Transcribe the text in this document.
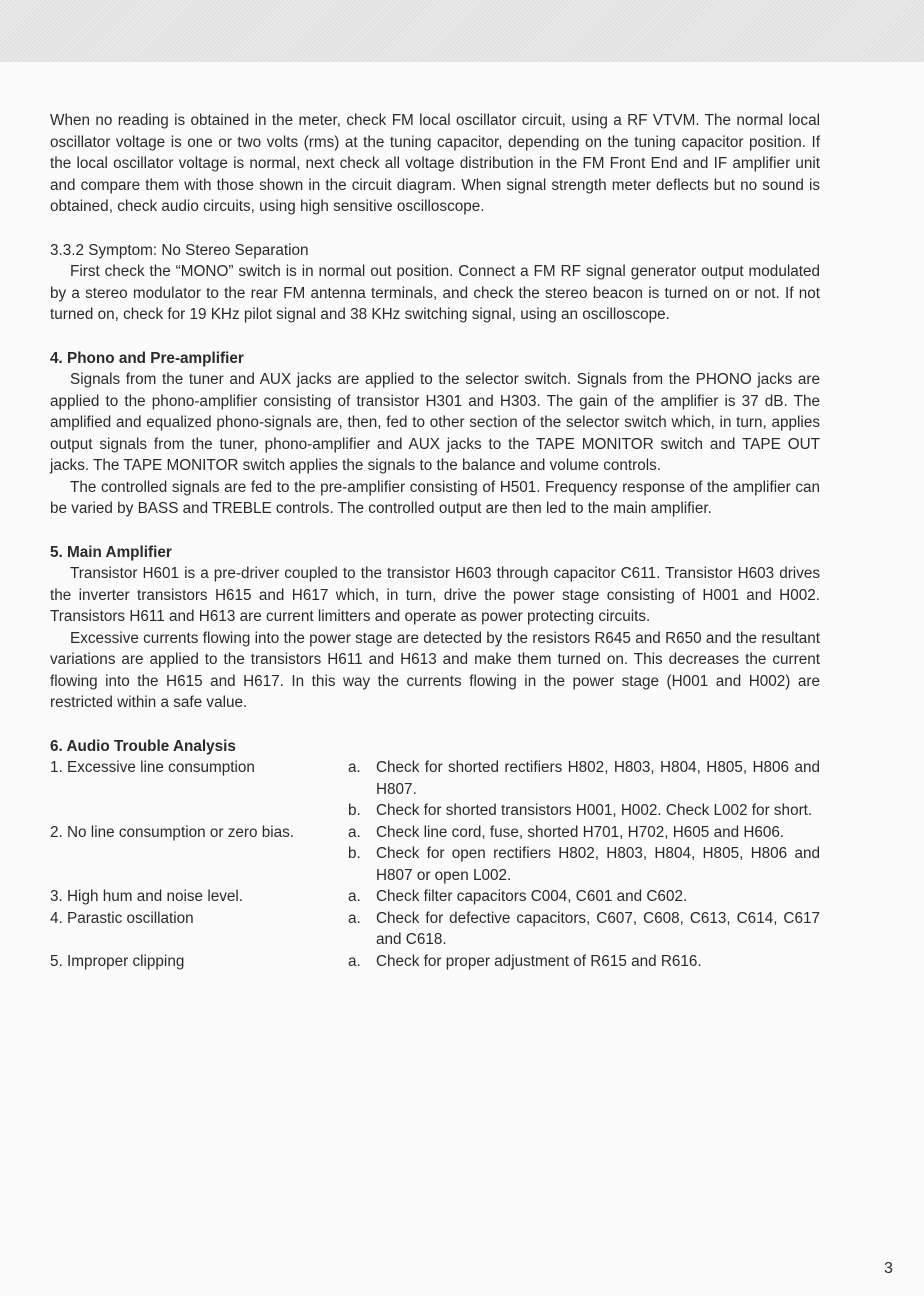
When no reading is obtained in the meter, check FM local oscillator circuit, using a RF VTVM. The normal local oscillator voltage is one or two volts (rms) at the tuning capacitor, depending on the tuning capacitor position. If the local oscillator voltage is normal, next check all voltage distribution in the FM Front End and IF amplifier unit and compare them with those shown in the circuit diagram. When signal strength meter deflects but no sound is obtained, check audio circuits, using high sensitive oscilloscope.

3.3.2 Symptom: No Stereo Separation

First check the “MONO” switch is in normal out position. Connect a FM RF signal generator output modulated by a stereo modulator to the rear FM antenna terminals, and check the stereo beacon is turned on or not. If not turned on, check for 19 KHz pilot signal and 38 KHz switching signal, using an oscilloscope.

4. Phono and Pre-amplifier

Signals from the tuner and AUX jacks are applied to the selector switch. Signals from the PHONO jacks are applied to the phono-amplifier consisting of transistor H301 and H303. The gain of the amplifier is 37 dB. The amplified and equalized phono-signals are, then, fed to other section of the selector switch which, in turn, applies output signals from the tuner, phono-amplifier and AUX jacks to the TAPE MONITOR switch and TAPE OUT jacks. The TAPE MONITOR switch applies the signals to the balance and volume controls.

The controlled signals are fed to the pre-amplifier consisting of H501. Frequency response of the amplifier can be varied by BASS and TREBLE controls. The controlled output are then led to the main amplifier.

5. Main Amplifier

Transistor H601 is a pre-driver coupled to the transistor H603 through capacitor C611. Transistor H603 drives the inverter transistors H615 and H617 which, in turn, drive the power stage consisting of H001 and H002. Transistors H611 and H613 are current limitters and operate as power protecting circuits.

Excessive currents flowing into the power stage are detected by the resistors R645 and R650 and the resultant variations are applied to the transistors H611 and H613 and make them turned on. This decreases the current flowing into the H615 and H617. In this way the currents flowing in the power stage (H001 and H002) are restricted within a safe value.

6. Audio Trouble Analysis

1. Excessive line consumption	a. Check for shorted rectifiers H802, H803, H804, H805, H806 and H807.
b. Check for shorted transistors H001, H002. Check L002 for short.
2. No line consumption or zero bias.	a. Check line cord, fuse, shorted H701, H702, H605 and H606.
b. Check for open rectifiers H802, H803, H804, H805, H806 and H807 or open L002.
3. High hum and noise level.	a. Check filter capacitors C004, C601 and C602.
4. Parastic oscillation	a. Check for defective capacitors, C607, C608, C613, C614, C617 and C618.
5. Improper clipping	a. Check for proper adjustment of R615 and R616.
3
